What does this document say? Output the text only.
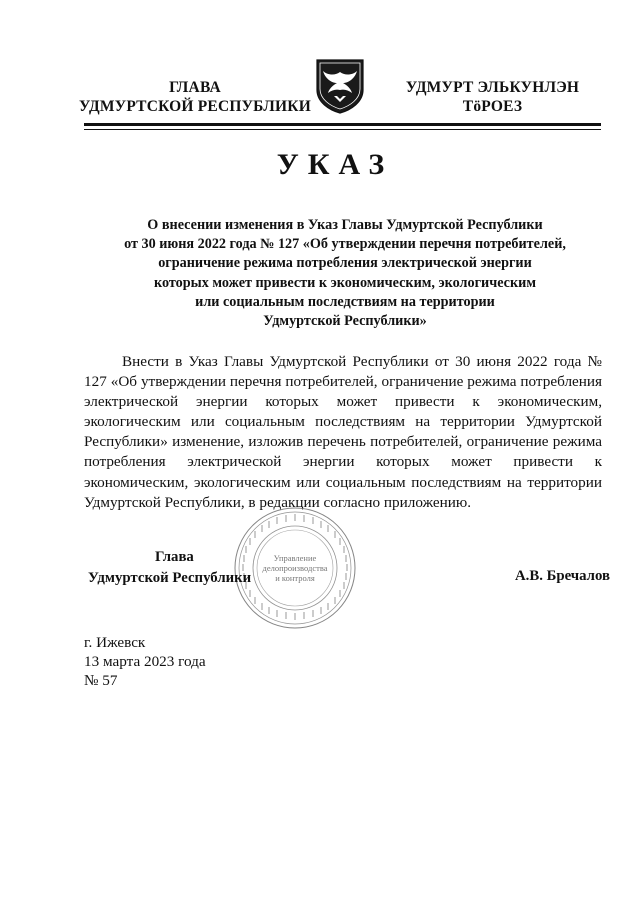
ГЛАВА
УДМУРТСКОЙ РЕСПУБЛИКИ
УДМУРТ ЭЛЬКУНЛЭН
ТӧРОЕЗ
УКАЗ
О внесении изменения в Указ Главы Удмуртской Республики
от 30 июня 2022 года № 127 «Об утверждении перечня потребителей,
ограничение режима потребления электрической энергии
которых может привести к экономическим, экологическим
или социальным последствиям на территории
Удмуртской Республики»
Внести в Указ Главы Удмуртской Республики от 30 июня 2022 года № 127 «Об утверждении перечня потребителей, ограничение режима потребления электрической энергии которых может привести к экономическим, экологическим или социальным последствиям на территории Удмуртской Республики» изменение, изложив перечень потребителей, ограничение режима потребления электрической энергии которых может привести к экономическим, экологическим или социальным последствиям на территории Удмуртской Республики, в редакции согласно приложению.
Управление
делопроизводства
и контроля
Глава
Удмуртской Республики	А.В. Бречалов
г. Ижевск
13 марта 2023 года
№ 57
